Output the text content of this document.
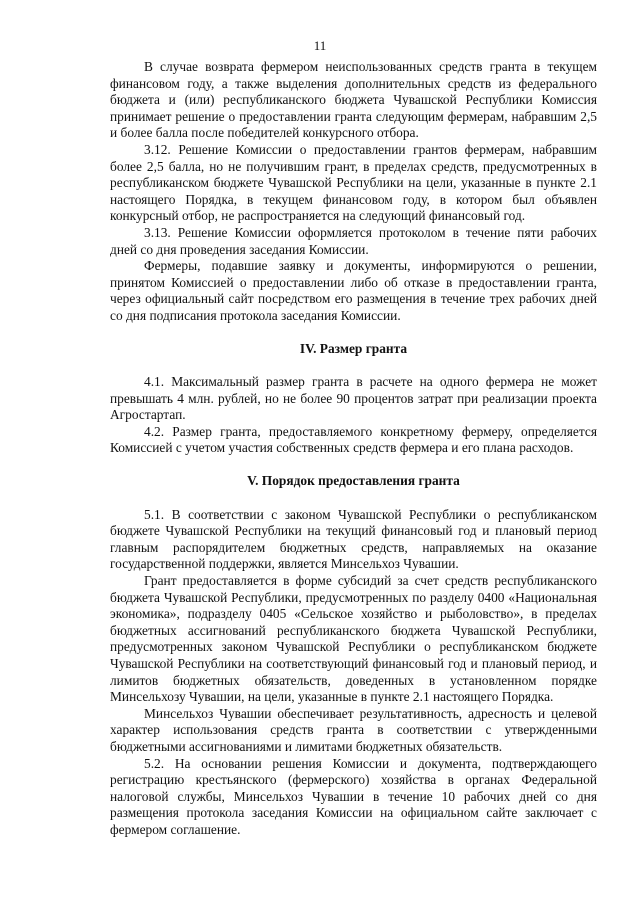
11

В случае возврата фермером неиспользованных средств гранта в текущем финансовом году, а также выделения дополнительных средств из федерального бюджета и (или) республиканского бюджета Чувашской Республики Комиссия принимает решение о предоставлении гранта следующим фермерам, набравшим 2,5 и более балла после победителей конкурсного отбора.

3.12. Решение Комиссии о предоставлении грантов фермерам, набравшим более 2,5 балла, но не получившим грант, в пределах средств, предусмотренных в республиканском бюджете Чувашской Республики на цели, указанные в пункте 2.1 настоящего Порядка, в текущем финансовом году, в котором был объявлен конкурсный отбор, не распространяется на следующий финансовый год.

3.13. Решение Комиссии оформляется протоколом в течение пяти рабочих дней со дня проведения заседания Комиссии.

Фермеры, подавшие заявку и документы, информируются о решении, принятом Комиссией о предоставлении либо об отказе в предоставлении гранта, через официальный сайт посредством его размещения в течение трех рабочих дней со дня подписания протокола заседания Комиссии.

IV. Размер гранта

4.1. Максимальный размер гранта в расчете на одного фермера не может превышать 4 млн. рублей, но не более 90 процентов затрат при реализации проекта Агростартап.

4.2. Размер гранта, предоставляемого конкретному фермеру, определяется Комиссией с учетом участия собственных средств фермера и его плана расходов.

V. Порядок предоставления гранта

5.1. В соответствии с законом Чувашской Республики о республиканском бюджете Чувашской Республики на текущий финансовый год и плановый период главным распорядителем бюджетных средств, направляемых на оказание государственной поддержки, является Минсельхоз Чувашии.

Грант предоставляется в форме субсидий за счет средств республиканского бюджета Чувашской Республики, предусмотренных по разделу 0400 «Национальная экономика», подразделу 0405 «Сельское хозяйство и рыболовство», в пределах бюджетных ассигнований республиканского бюджета Чувашской Республики, предусмотренных законом Чувашской Республики о республиканском бюджете Чувашской Республики на соответствующий финансовый год и плановый период, и лимитов бюджетных обязательств, доведенных в установленном порядке Минсельхозу Чувашии, на цели, указанные в пункте 2.1 настоящего Порядка.

Минсельхоз Чувашии обеспечивает результативность, адресность и целевой характер использования средств гранта в соответствии с утвержденными бюджетными ассигнованиями и лимитами бюджетных обязательств.

5.2. На основании решения Комиссии и документа, подтверждающего регистрацию крестьянского (фермерского) хозяйства в органах Федеральной налоговой службы, Минсельхоз Чувашии в течение 10 рабочих дней со дня размещения протокола заседания Комиссии на официальном сайте заключает с фермером соглашение.
